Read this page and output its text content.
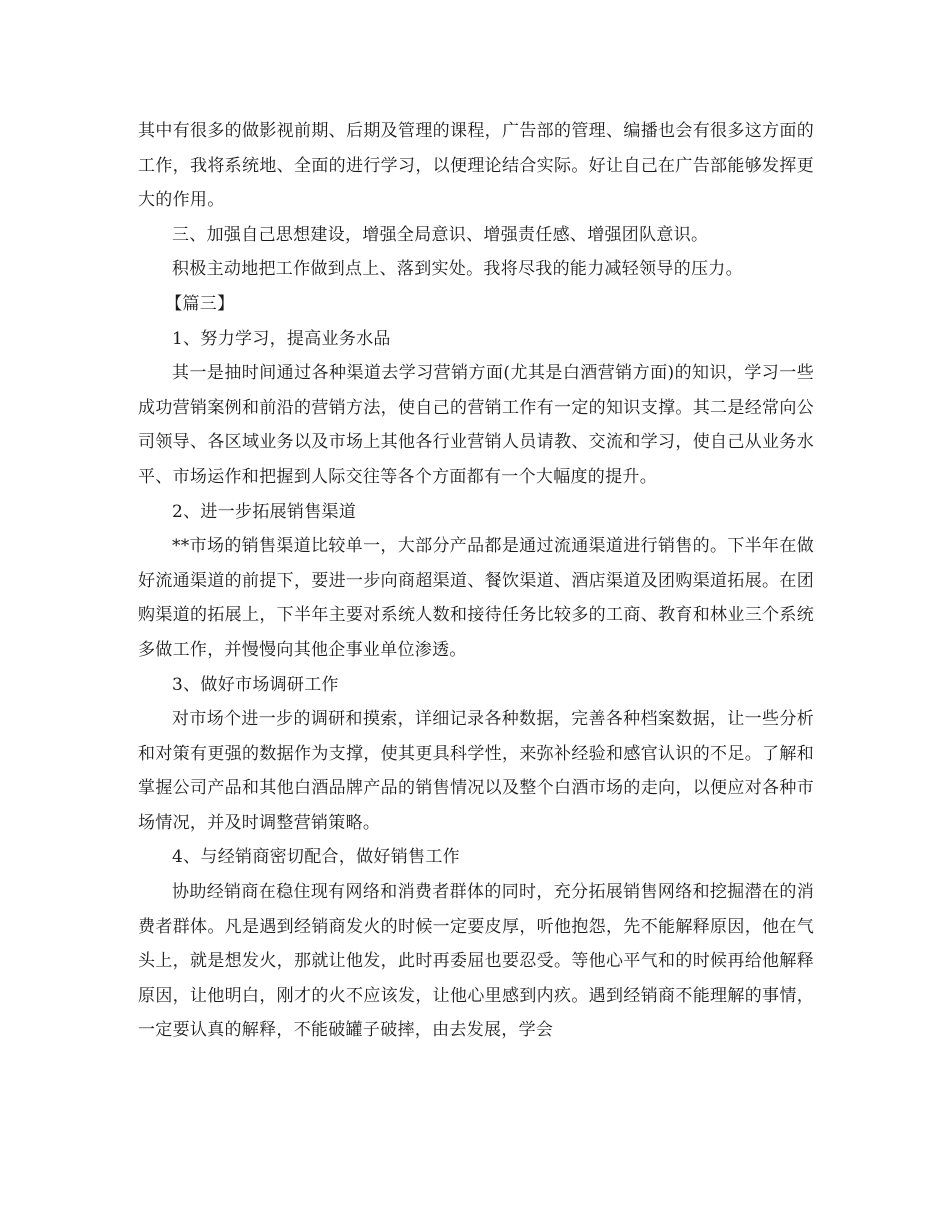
其中有很多的做影视前期、后期及管理的课程，广告部的管理、编播也会有很多这方面的工作，我将系统地、全面的进行学习，以便理论结合实际。好让自己在广告部能够发挥更大的作用。

三、加强自己思想建设，增强全局意识、增强责任感、增强团队意识。

积极主动地把工作做到点上、落到实处。我将尽我的能力减轻领导的压力。

【篇三】

1、努力学习，提高业务水品

其一是抽时间通过各种渠道去学习营销方面(尤其是白酒营销方面)的知识，学习一些成功营销案例和前沿的营销方法，使自己的营销工作有一定的知识支撑。其二是经常向公司领导、各区域业务以及市场上其他各行业营销人员请教、交流和学习，使自己从业务水平、市场运作和把握到人际交往等各个方面都有一个大幅度的提升。

2、进一步拓展销售渠道

**市场的销售渠道比较单一，大部分产品都是通过流通渠道进行销售的。下半年在做好流通渠道的前提下，要进一步向商超渠道、餐饮渠道、酒店渠道及团购渠道拓展。在团购渠道的拓展上，下半年主要对系统人数和接待任务比较多的工商、教育和林业三个系统多做工作，并慢慢向其他企事业单位渗透。

3、做好市场调研工作

对市场个进一步的调研和摸索，详细记录各种数据，完善各种档案数据，让一些分析和对策有更强的数据作为支撑，使其更具科学性，来弥补经验和感官认识的不足。了解和掌握公司产品和其他白酒品牌产品的销售情况以及整个白酒市场的走向，以便应对各种市场情况，并及时调整营销策略。

4、与经销商密切配合，做好销售工作

协助经销商在稳住现有网络和消费者群体的同时，充分拓展销售网络和挖掘潜在的消费者群体。凡是遇到经销商发火的时候一定要皮厚，听他抱怨，先不能解释原因，他在气头上，就是想发火，那就让他发，此时再委屈也要忍受。等他心平气和的时候再给他解释原因，让他明白，刚才的火不应该发，让他心里感到内疚。遇到经销商不能理解的事情，一定要认真的解释，不能破罐子破摔，由去发展，学会
